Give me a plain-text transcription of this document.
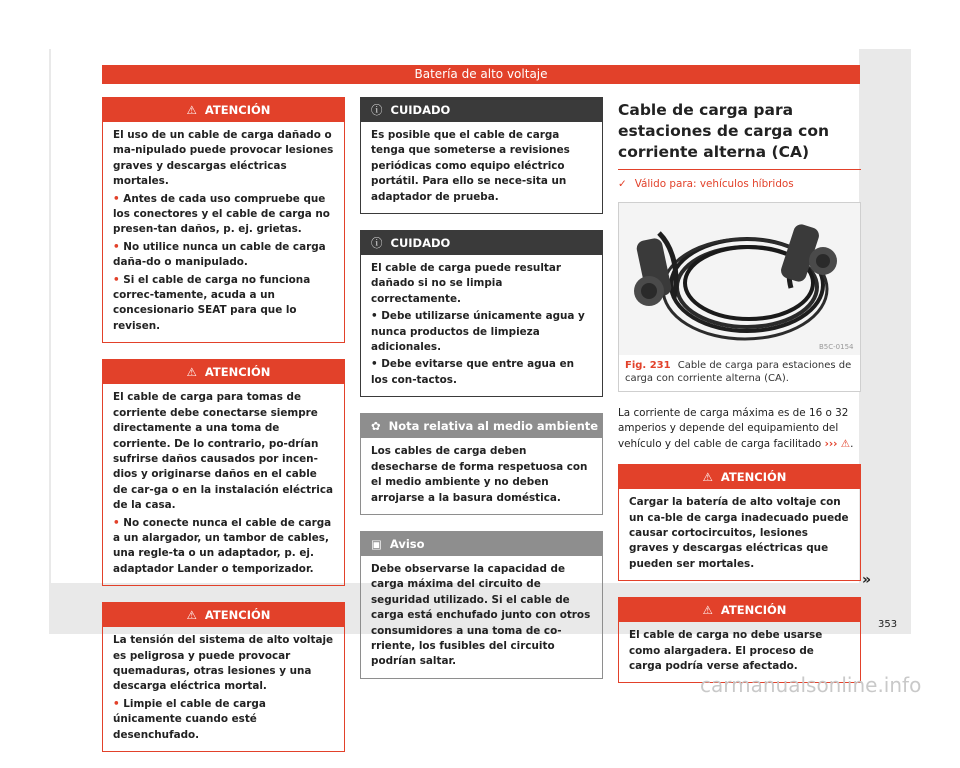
Batería de alto voltaje
⚠ ATENCIÓN

El uso de un cable de carga dañado o ma-nipulado puede provocar lesiones graves y descargas eléctricas mortales.

• Antes de cada uso compruebe que los conectores y el cable de carga no presen-tan daños, p. ej. grietas.

• No utilice nunca un cable de carga daña-do o manipulado.

• Si el cable de carga no funciona correc-tamente, acuda a un concesionario SEAT para que lo revisen.

⚠ ATENCIÓN

El cable de carga para tomas de corriente debe conectarse siempre directamente a una toma de corriente. De lo contrario, po-drían sufrirse daños causados por incen-dios y originarse daños en el cable de car-ga o en la instalación eléctrica de la casa.

• No conecte nunca el cable de carga a un alargador, un tambor de cables, una regle-ta o un adaptador, p. ej. adaptador Lander o temporizador.

⚠ ATENCIÓN

La tensión del sistema de alto voltaje es peligrosa y puede provocar quemaduras, otras lesiones y una descarga eléctrica mortal.

• Limpie el cable de carga únicamente cuando esté desenchufado.

ⓘ CUIDADO

Es posible que el cable de carga tenga que someterse a revisiones periódicas como equipo eléctrico portátil. Para ello se nece-sita un adaptador de prueba.

ⓘ CUIDADO

El cable de carga puede resultar dañado si no se limpia correctamente.

• Debe utilizarse únicamente agua y nunca productos de limpieza adicionales.

• Debe evitarse que entre agua en los con-tactos.

✿ Nota relativa al medio ambiente

Los cables de carga deben desecharse de forma respetuosa con el medio ambiente y no deben arrojarse a la basura doméstica.

▣ Aviso

Debe observarse la capacidad de carga máxima del circuito de seguridad utilizado. Si el cable de carga está enchufado junto con otros consumidores a una toma de co-rriente, los fusibles del circuito podrían saltar.

Cable de carga para estaciones de carga con corriente alterna (CA)
✓ Válido para: vehículos híbridos
B5C-0154
Fig. 231 Cable de carga para estaciones de carga con corriente alterna (CA).
La corriente de carga máxima es de 16 o 32 amperios y depende del equipamiento del vehículo y del cable de carga facilitado ››› ⚠.
⚠ ATENCIÓN

Cargar la batería de alto voltaje con un ca-ble de carga inadecuado puede causar cortocircuitos, lesiones graves y descargas eléctricas que pueden ser mortales.

⚠ ATENCIÓN

El cable de carga no debe usarse como alargadera. El proceso de carga podría verse afectado.

»
353
carmanualsonline.info
